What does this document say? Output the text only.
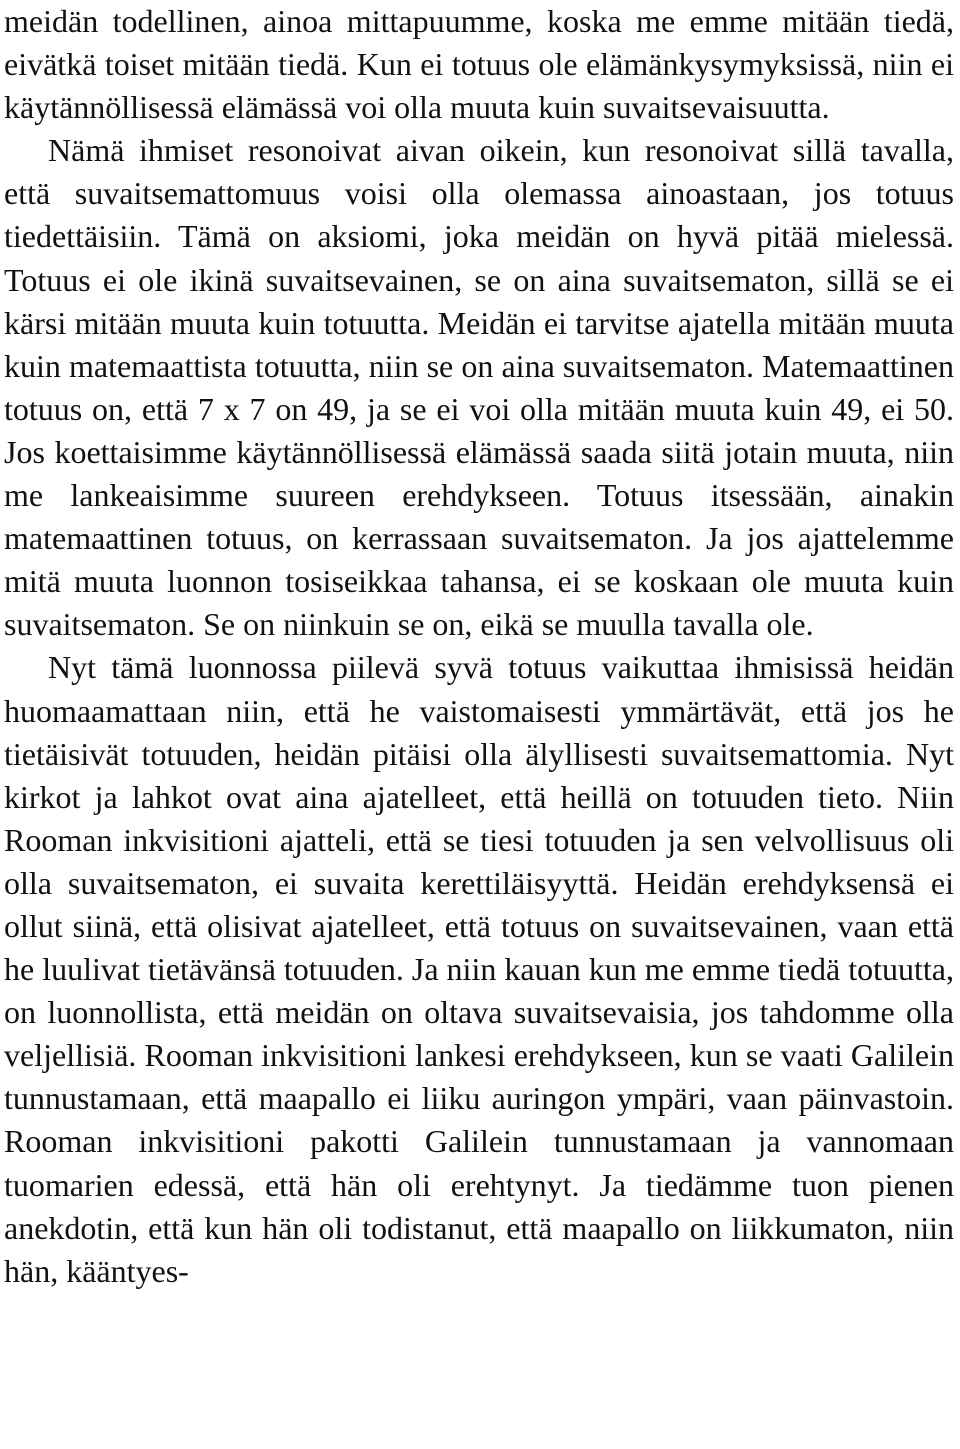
meidän todellinen, ainoa mittapuumme, koska me emme mitään tiedä, eivätkä toiset mitään tiedä. Kun ei totuus ole elämänkysymyksissä, niin ei käytännöllisessä elämässä voi olla muuta kuin suvaitsevaisuutta.

Nämä ihmiset resonoivat aivan oikein, kun resonoivat sillä tavalla, että suvaitsemattomuus voisi olla olemassa ainoastaan, jos totuus tiedettäisiin. Tämä on aksiomi, joka meidän on hyvä pitää mielessä. Totuus ei ole ikinä suvaitsevainen, se on aina suvaitsematon, sillä se ei kärsi mitään muuta kuin totuutta. Meidän ei tarvitse ajatella mitään muuta kuin matemaattista totuutta, niin se on aina suvaitsematon. Matemaattinen totuus on, että 7 x 7 on 49, ja se ei voi olla mitään muuta kuin 49, ei 50. Jos koettaisimme käytännöllisessä elämässä saada siitä jotain muuta, niin me lankeaisimme suureen erehdykseen. Totuus itsessään, ainakin matemaattinen totuus, on kerrassaan suvaitsematon. Ja jos ajattelemme mitä muuta luonnon tosiseikkaa tahansa, ei se koskaan ole muuta kuin suvaitsematon. Se on niinkuin se on, eikä se muulla tavalla ole.

Nyt tämä luonnossa piilevä syvä totuus vaikuttaa ihmisissä heidän huomaamattaan niin, että he vaistomaisesti ymmärtävät, että jos he tietäisivät totuuden, heidän pitäisi olla älyllisesti suvaitsemattomia. Nyt kirkot ja lahkot ovat aina ajatelleet, että heillä on totuuden tieto. Niin Rooman inkvisitioni ajatteli, että se tiesi totuuden ja sen velvollisuus oli olla suvaitsematon, ei suvaita kerettiläisyyttä. Heidän erehdyksensä ei ollut siinä, että olisivat ajatelleet, että totuus on suvaitsevainen, vaan että he luulivat tietävänsä totuuden. Ja niin kauan kun me emme tiedä totuutta, on luonnollista, että meidän on oltava suvaitsevaisia, jos tahdomme olla veljellisiä. Rooman inkvisitioni lankesi erehdykseen, kun se vaati Galilein tunnustamaan, että maapallo ei liiku auringon ympäri, vaan päinvastoin. Rooman inkvisitioni pakotti Galilein tunnustamaan ja vannomaan tuomarien edessä, että hän oli erehtynyt. Ja tiedämme tuon pienen anekdotin, että kun hän oli todistanut, että maapallo on liikkumaton, niin hän, kääntyes-
